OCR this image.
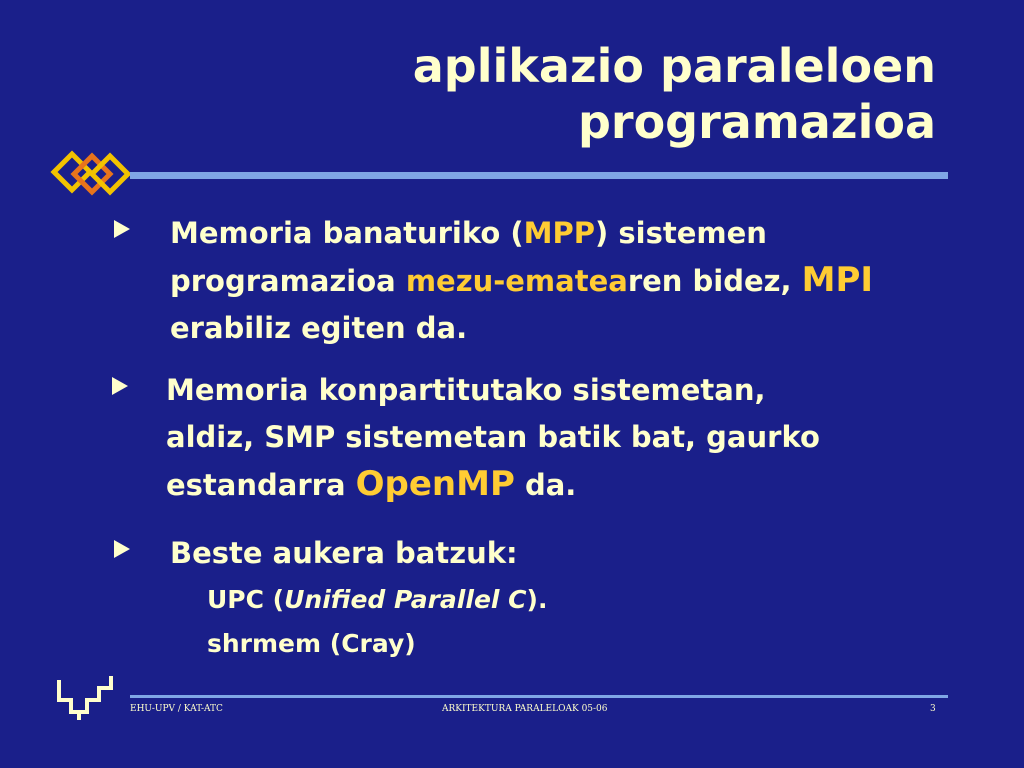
aplikazio paraleloen
programazioa
Memoria banaturiko (MPP) sistemen
programazioa mezu-ematearen bidez, MPI
erabiliz egiten da.
Memoria konpartitutako sistemetan,
aldiz, SMP sistemetan batik bat, gaurko
estandarra OpenMP da.
Beste aukera batzuk:
UPC (Unified Parallel C).
shrmem (Cray)
EHU-UPV / KAT-ATC	ARKITEKTURA PARALELOAK 05-06	3
